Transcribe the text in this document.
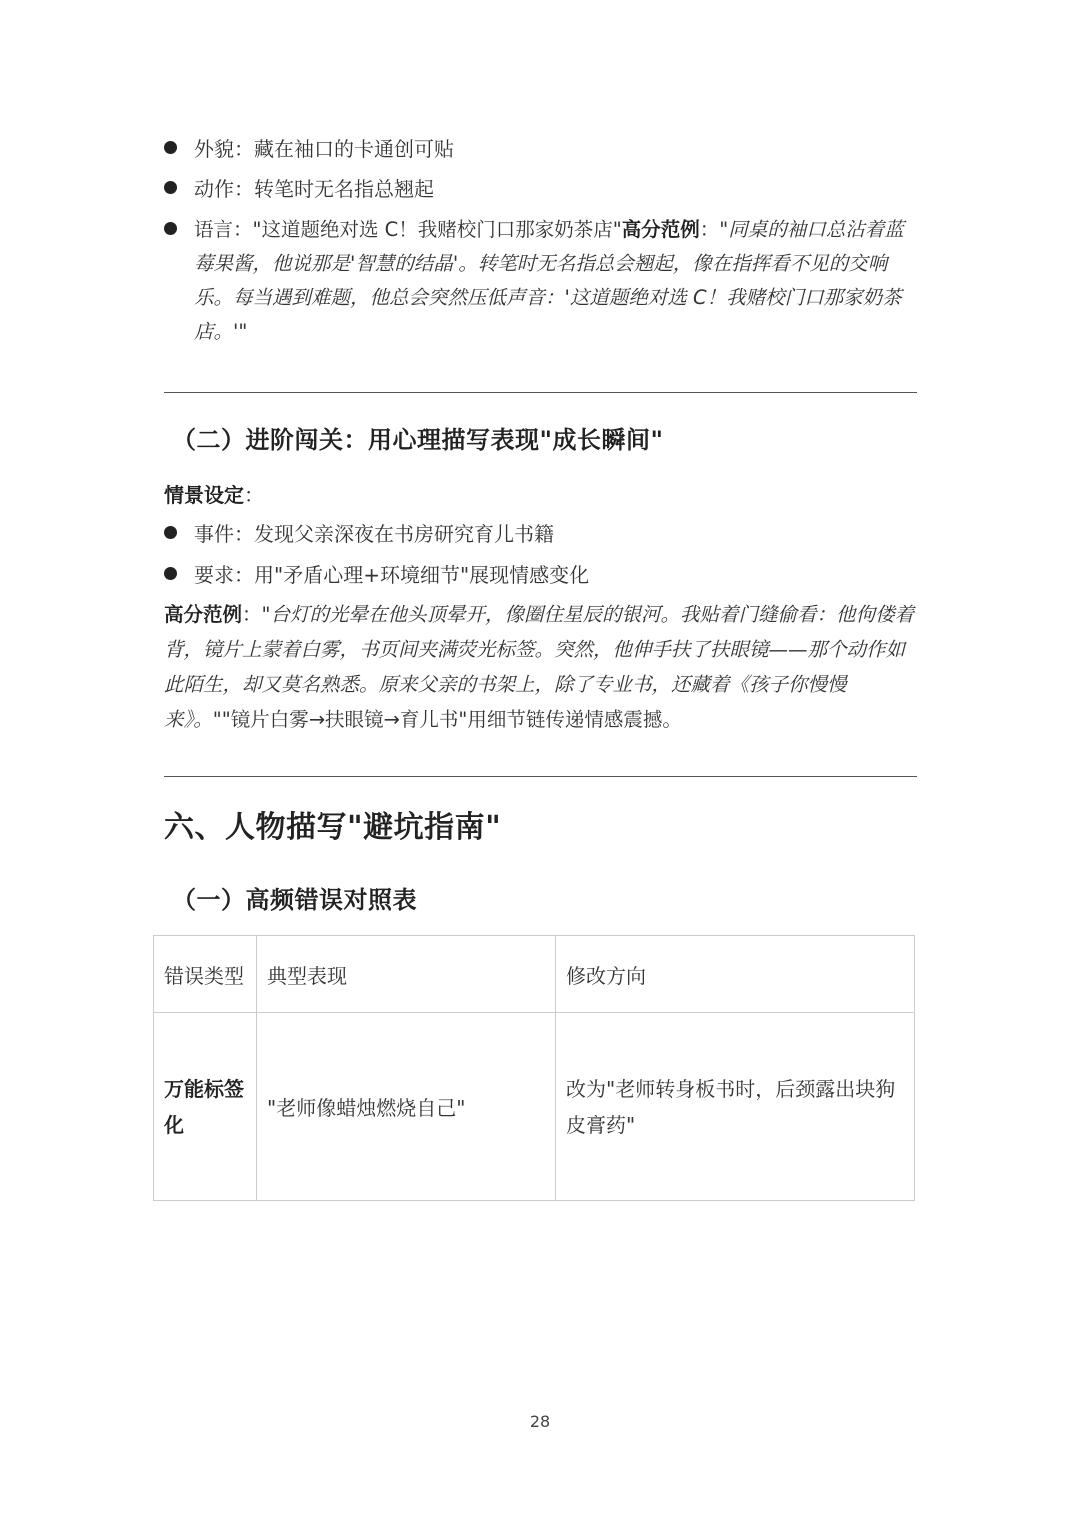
外貌：藏在袖口的卡通创可贴
动作：转笔时无名指总翘起
语言："这道题绝对选 C！我赌校门口那家奶茶店"高分范例："同桌的袖口总沾着蓝莓果酱，他说那是'智慧的结晶'。转笔时无名指总会翘起，像在指挥看不见的交响乐。每当遇到难题，他总会突然压低声音：'这道题绝对选 C！我赌校门口那家奶茶店。'"
（二）进阶闯关：用心理描写表现"成长瞬间"
情景设定：
事件：发现父亲深夜在书房研究育儿书籍
要求：用"矛盾心理+环境细节"展现情感变化
高分范例："台灯的光晕在他头顶晕开，像圈住星辰的银河。我贴着门缝偷看：他佝偻着背，镜片上蒙着白雾，书页间夹满荧光标签。突然，他伸手扶了扶眼镜——那个动作如此陌生，却又莫名熟悉。原来父亲的书架上，除了专业书，还藏着《孩子你慢慢来》。""镜片白雾→扶眼镜→育儿书"用细节链传递情感震撼。
六、人物描写"避坑指南"
（一）高频错误对照表
错误类型	典型表现	修改方向
万能标签化	"老师像蜡烛燃烧自己"	改为"老师转身板书时，后颈露出块狗皮膏药"
28
